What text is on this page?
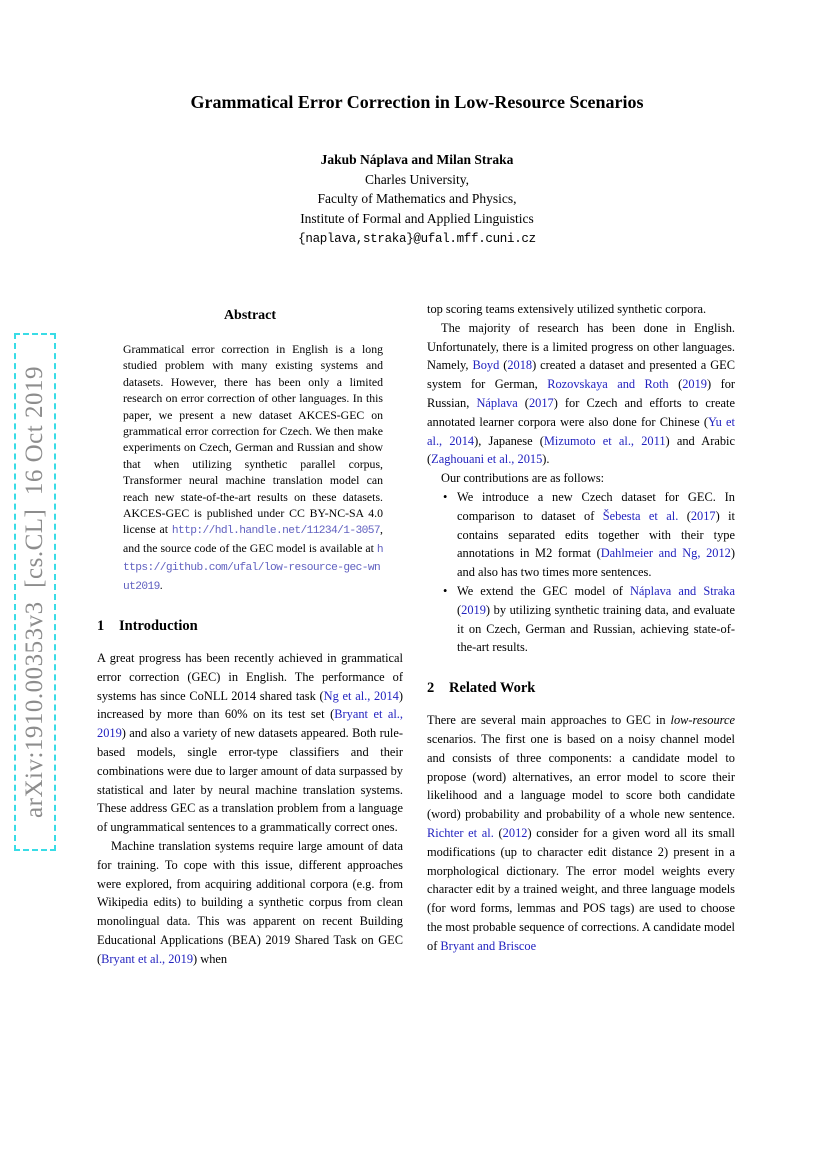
arXiv:1910.00353v3  [cs.CL]  16 Oct 2019
Grammatical Error Correction in Low-Resource Scenarios
Jakub Náplava and Milan Straka
Charles University,
Faculty of Mathematics and Physics,
Institute of Formal and Applied Linguistics
{naplava,straka}@ufal.mff.cuni.cz
Abstract
Grammatical error correction in English is a long studied problem with many existing systems and datasets. However, there has been only a limited research on error correction of other languages. In this paper, we present a new dataset AKCES-GEC on grammatical error correction for Czech. We then make experiments on Czech, German and Russian and show that when utilizing synthetic parallel corpus, Transformer neural machine translation model can reach new state-of-the-art results on these datasets. AKCES-GEC is published under CC BY-NC-SA 4.0 license at http://hdl.handle.net/11234/1-3057, and the source code of the GEC model is available at https://github.com/ufal/low-resource-gec-wnut2019.
1 Introduction
A great progress has been recently achieved in grammatical error correction (GEC) in English. The performance of systems has since CoNLL 2014 shared task (Ng et al., 2014) increased by more than 60% on its test set (Bryant et al., 2019) and also a variety of new datasets appeared. Both rule-based models, single error-type classifiers and their combinations were due to larger amount of data surpassed by statistical and later by neural machine translation systems. These address GEC as a translation problem from a language of ungrammatical sentences to a grammatically correct ones.
Machine translation systems require large amount of data for training. To cope with this issue, different approaches were explored, from acquiring additional corpora (e.g. from Wikipedia edits) to building a synthetic corpus from clean monolingual data. This was apparent on recent Building Educational Applications (BEA) 2019 Shared Task on GEC (Bryant et al., 2019) when
top scoring teams extensively utilized synthetic corpora.
The majority of research has been done in English. Unfortunately, there is a limited progress on other languages. Namely, Boyd (2018) created a dataset and presented a GEC system for German, Rozovskaya and Roth (2019) for Russian, Náplava (2017) for Czech and efforts to create annotated learner corpora were also done for Chinese (Yu et al., 2014), Japanese (Mizumoto et al., 2011) and Arabic (Zaghouani et al., 2015).
Our contributions are as follows:
• We introduce a new Czech dataset for GEC. In comparison to dataset of Šebesta et al. (2017) it contains separated edits together with their type annotations in M2 format (Dahlmeier and Ng, 2012) and also has two times more sentences.
• We extend the GEC model of Náplava and Straka (2019) by utilizing synthetic training data, and evaluate it on Czech, German and Russian, achieving state-of-the-art results.
2 Related Work
There are several main approaches to GEC in low-resource scenarios. The first one is based on a noisy channel model and consists of three components: a candidate model to propose (word) alternatives, an error model to score their likelihood and a language model to score both candidate (word) probability and probability of a whole new sentence. Richter et al. (2012) consider for a given word all its small modifications (up to character edit distance 2) present in a morphological dictionary. The error model weights every character edit by a trained weight, and three language models (for word forms, lemmas and POS tags) are used to choose the most probable sequence of corrections. A candidate model of Bryant and Briscoe
